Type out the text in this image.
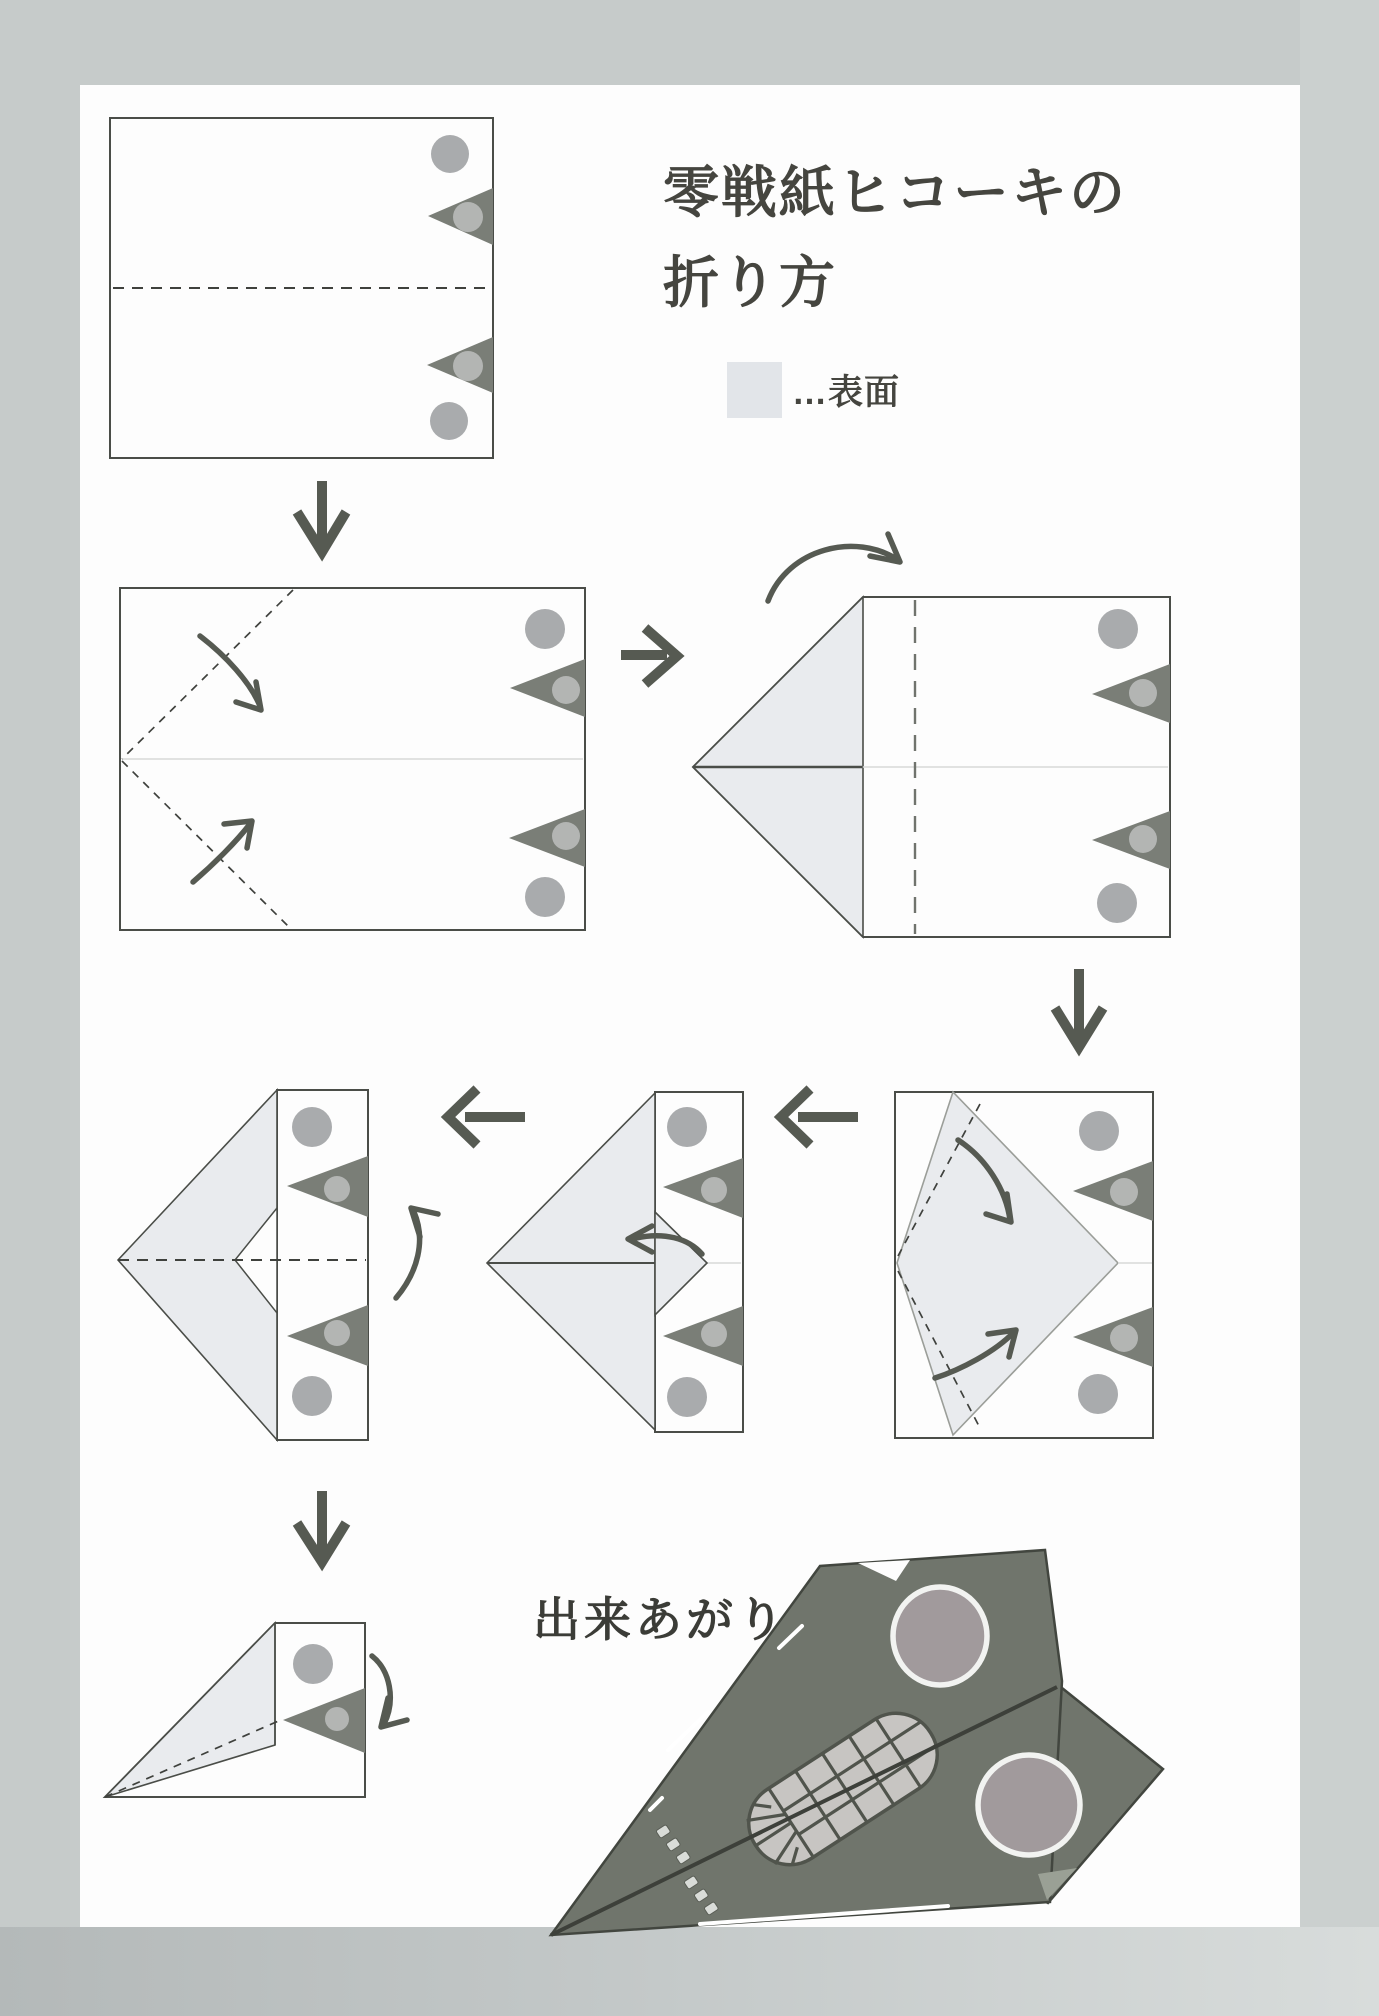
零戦紙ヒコーキの
折り方
…表面
出来あがり
